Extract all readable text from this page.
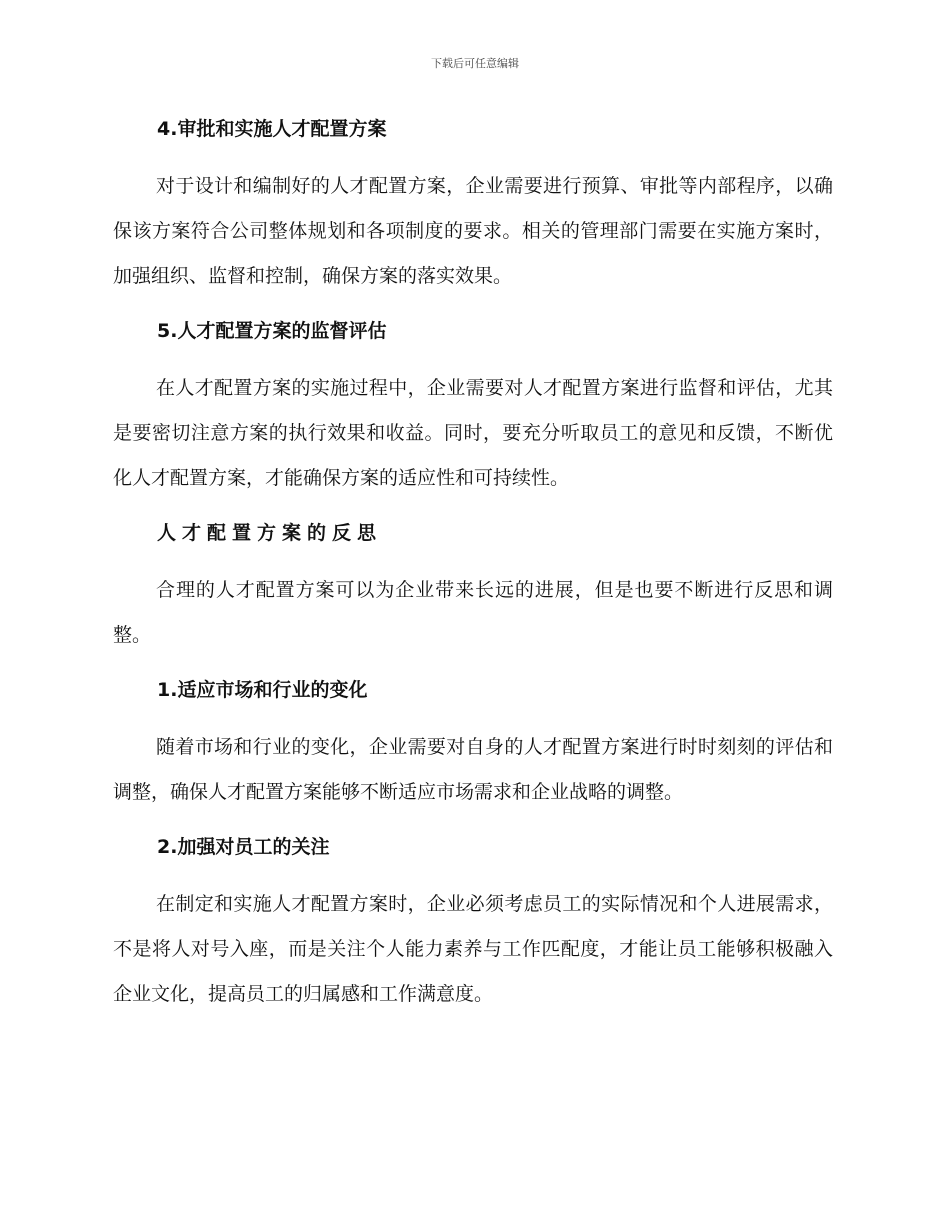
下载后可任意编辑
4.审批和实施人才配置方案

对于设计和编制好的人才配置方案，企业需要进行预算、审批等内部程序，以确保该方案符合公司整体规划和各项制度的要求。相关的管理部门需要在实施方案时，加强组织、监督和控制，确保方案的落实效果。

5.人才配置方案的监督评估

在人才配置方案的实施过程中，企业需要对人才配置方案进行监督和评估，尤其是要密切注意方案的执行效果和收益。同时，要充分听取员工的意见和反馈，不断优化人才配置方案，才能确保方案的适应性和可持续性。

人才配置方案的反思

合理的人才配置方案可以为企业带来长远的进展，但是也要不断进行反思和调整。

1.适应市场和行业的变化

随着市场和行业的变化，企业需要对自身的人才配置方案进行时时刻刻的评估和调整，确保人才配置方案能够不断适应市场需求和企业战略的调整。

2.加强对员工的关注

在制定和实施人才配置方案时，企业必须考虑员工的实际情况和个人进展需求，不是将人对号入座，而是关注个人能力素养与工作匹配度，才能让员工能够积极融入企业文化，提高员工的归属感和工作满意度。
